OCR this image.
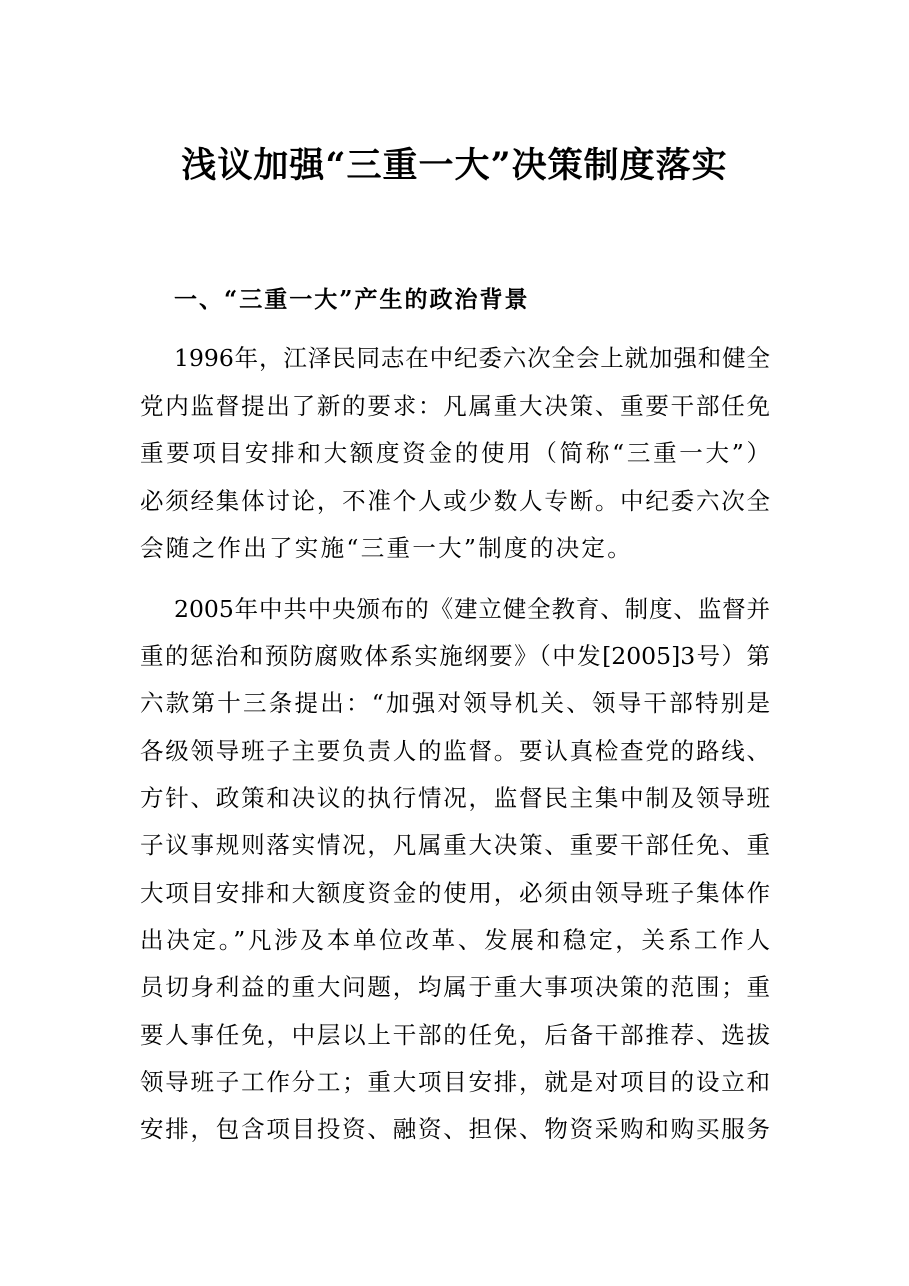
浅议加强“三重一大”决策制度落实
一、“三重一大”产生的政治背景
1996年，江泽民同志在中纪委六次全会上就加强和健全
党内监督提出了新的要求：凡属重大决策、重要干部任免
重要项目安排和大额度资金的使用（简称“三重一大”）
必须经集体讨论，不准个人或少数人专断。中纪委六次全
会随之作出了实施“三重一大”制度的决定。
2005年中共中央颁布的《建立健全教育、制度、监督并
重的惩治和预防腐败体系实施纲要》（中发[2005]3号）第
六款第十三条提出：“加强对领导机关、领导干部特别是
各级领导班子主要负责人的监督。要认真检查党的路线、
方针、政策和决议的执行情况，监督民主集中制及领导班
子议事规则落实情况，凡属重大决策、重要干部任免、重
大项目安排和大额度资金的使用，必须由领导班子集体作
出决定。”凡涉及本单位改革、发展和稳定，关系工作人
员切身利益的重大问题，均属于重大事项决策的范围；重
要人事任免，中层以上干部的任免，后备干部推荐、选拔
领导班子工作分工；重大项目安排，就是对项目的设立和
安排，包含项目投资、融资、担保、物资采购和购买服务
